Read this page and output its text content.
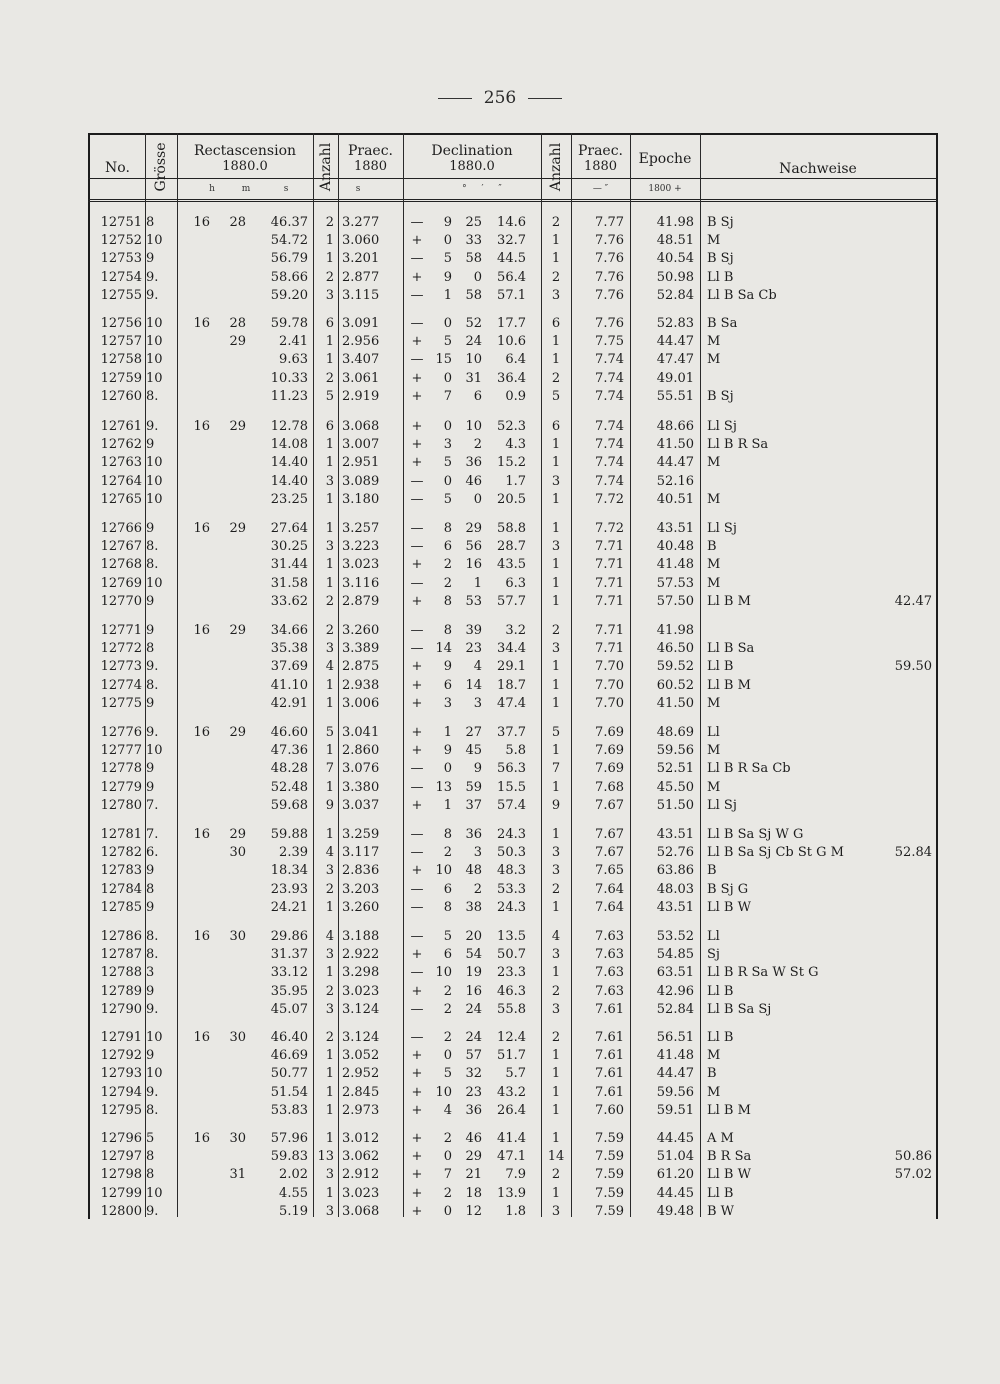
256
No.	Grösse	Rectascension
1880.0
h	m	s	Anzahl Praec.
1880
s
Declination
1880.0
° ′ ″	Anzahl Praec.
1880
— ″
Epoche
1800 +
Nachweise
12751 8	16	28	46.37	2 3.277	—	9	25	14.6	2	7.77	41.98 B Sj
12752 10	54.72	1 3.060	+	0	33	32.7	1	7.76	48.51 M
12753 9	56.79	1 3.201	—	5	58	44.5	1	7.76	40.54 B Sj
12754 9.	58.66	2 2.877	+	9	0	56.4	2	7.76	50.98 Ll B
12755 9.	59.20	3 3.115	—	1	58	57.1	3	7.76	52.84 Ll B Sa Cb
12756 10	16	28	59.78	6 3.091	—	0	52	17.7	6	7.76	52.83 B Sa
12757 10	29	2.41	1 2.956	+	5	24	10.6	1	7.75	44.47 M
12758 10	9.63	1 3.407	— 15	10	6.4	1	7.74	47.47 M
12759 10	10.33	2 3.061	+	0	31	36.4	2	7.74	49.01
12760 8.	11.23	5 2.919	+	7	6	0.9	5	7.74	55.51 B Sj
12761 9.	16	29	12.78	6 3.068	+	0	10	52.3	6	7.74	48.66 Ll Sj
12762 9	14.08	1 3.007	+	3	2	4.3	1	7.74	41.50 Ll B R Sa
12763 10	14.40	1 2.951	+	5	36	15.2	1	7.74	44.47 M
12764 10	14.40	3 3.089	—	0	46	1.7	3	7.74	52.16
12765 10	23.25	1 3.180	—	5	0	20.5	1	7.72	40.51 M
12766 9	16	29	27.64	1 3.257	—	8	29	58.8	1	7.72	43.51 Ll Sj
12767 8.	30.25	3 3.223	—	6	56	28.7	3	7.71	40.48 B
12768 8.	31.44	1 3.023	+	2	16	43.5	1	7.71	41.48 M
12769 10	31.58	1 3.116	—	2	1	6.3	1	7.71	57.53 M
12770 9	33.62	2 2.879	+	8	53	57.7	1	7.71	57.50 Ll B M	42.47
12771 9	16	29	34.66	2 3.260	—	8	39	3.2	2	7.71	41.98
12772 8	35.38	3 3.389	— 14	23	34.4	3	7.71	46.50 Ll B Sa
12773 9.	37.69	4 2.875	+	9	4	29.1	1	7.70	59.52 Ll B	59.50
12774 8.	41.10	1 2.938	+	6	14	18.7	1	7.70	60.52 Ll B M
12775 9	42.91	1 3.006	+	3	3	47.4	1	7.70	41.50 M
12776 9.	16	29	46.60	5 3.041	+	1	27	37.7	5	7.69	48.69 Ll
12777 10	47.36	1 2.860	+	9	45	5.8	1	7.69	59.56 M
12778 9	48.28	7 3.076	—	0	9	56.3	7	7.69	52.51 Ll B R Sa Cb
12779 9	52.48	1 3.380	— 13	59	15.5	1	7.68	45.50 M
12780 7.	59.68	9 3.037	+	1	37	57.4	9	7.67	51.50 Ll Sj
12781 7.	16	29	59.88	1 3.259	—	8	36	24.3	1	7.67	43.51 Ll B Sa Sj W G
12782 6.	30	2.39	4 3.117	—	2	3	50.3	3	7.67	52.76 Ll B Sa Sj Cb St G M	52.84
12783 9	18.34	3 2.836	+	10	48	48.3	3	7.65	63.86 B
12784 8	23.93	2 3.203	—	6	2	53.3	2	7.64	48.03 B Sj G
12785 9	24.21	1 3.260	—	8	38	24.3	1	7.64	43.51 Ll B W
12786 8.	16	30	29.86	4 3.188	—	5	20	13.5	4	7.63	53.52 Ll
12787 8.	31.37	3 2.922	+	6	54	50.7	3	7.63	54.85 Sj
12788 3	33.12	1 3.298	— 10	19	23.3	1	7.63	63.51 Ll B R Sa W St G
12789 9	35.95	2 3.023	+	2	16	46.3	2	7.63	42.96 Ll B
12790 9.	45.07	3 3.124	—	2	24	55.8	3	7.61	52.84 Ll B Sa Sj
12791 10	16	30	46.40	2 3.124	—	2	24	12.4	2	7.61	56.51 Ll B
12792 9	46.69	1 3.052	+	0	57	51.7	1	7.61	41.48 M
12793 10	50.77	1 2.952	+	5	32	5.7	1	7.61	44.47 B
12794 9.	51.54	1 2.845	+	10	23	43.2	1	7.61	59.56 M
12795 8.	53.83	1 2.973	+	4	36	26.4	1	7.60	59.51 Ll B M
12796 5	16	30	57.96	1 3.012	+	2	46	41.4	1	7.59	44.45 A M
12797 8	59.83 13 3.062	+	0	29	47.1 14	7.59	51.04 B R Sa	50.86
12798 8	31	2.02	3 2.912	+	7	21	7.9	2	7.59	61.20 Ll B W	57.02
12799 10	4.55	1 3.023	+	2	18	13.9	1	7.59	44.45 Ll B
12800 9.	5.19	3 3.068	+	0	12	1.8	3	7.59	49.48 B W
